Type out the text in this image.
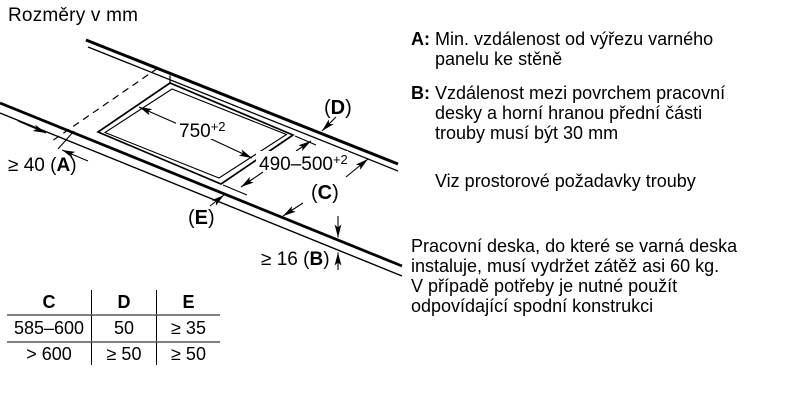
Rozměry v mm
$750^{+2}$
$490-500^{+2}$
≥ 40 (A)
≥ 16 (B)
(D)
(C)
(E)
C	D	E
585–600	50	≥ 35
> 600	≥ 50	≥ 50
A: Min. vzdálenost od výřezu varného
panelu ke stěně
B: Vzdálenost mezi povrchem pracovní
desky a horní hranou přední části
trouby musí být 30 mm
Viz prostorové požadavky trouby
Pracovní deska, do které se varná deska
instaluje, musí vydržet zátěž asi 60 kg.
V případě potřeby je nutné použít
odpovídající spodní konstrukci
